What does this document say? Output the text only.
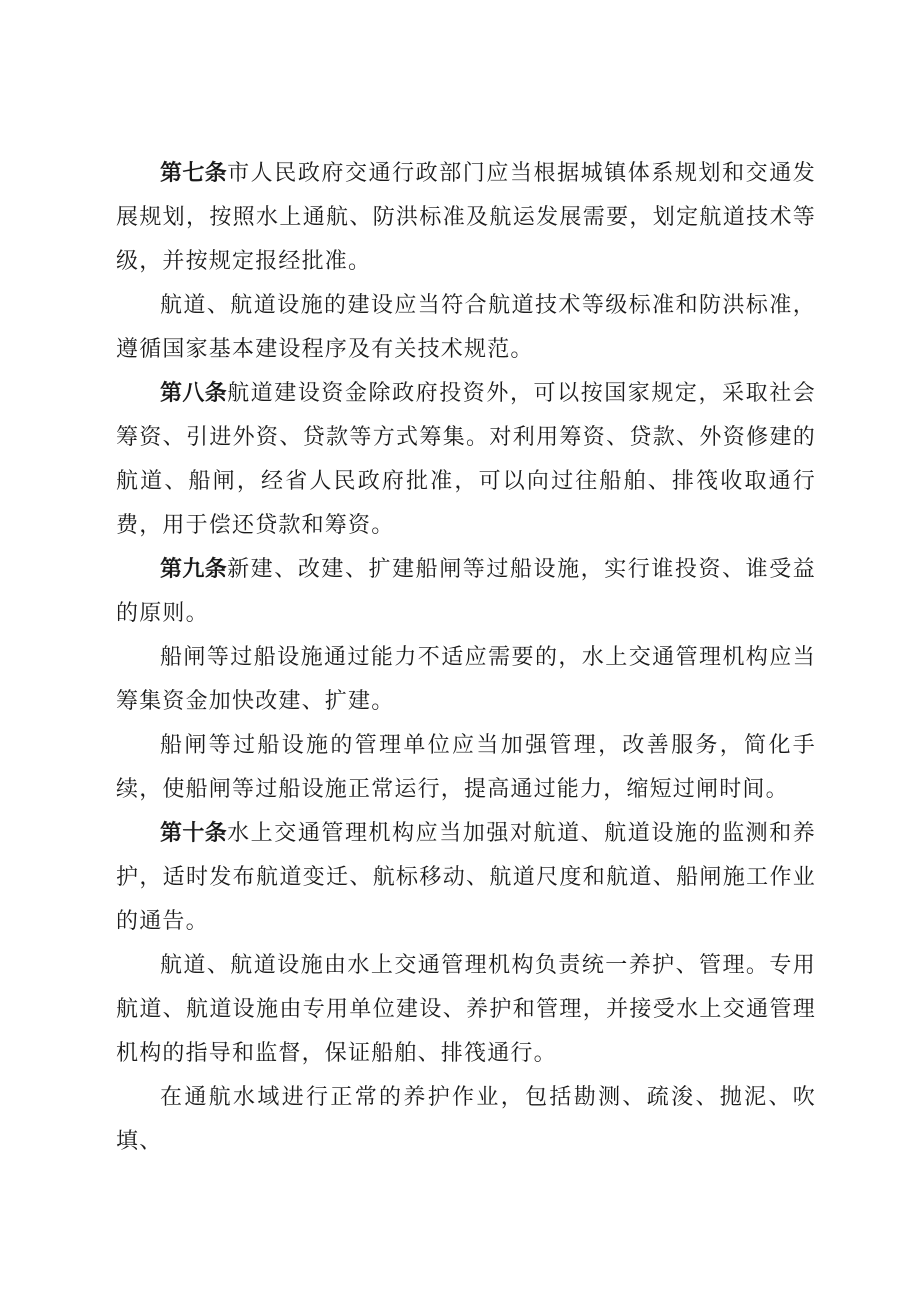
第七条市人民政府交通行政部门应当根据城镇体系规划和交通发展规划，按照水上通航、防洪标准及航运发展需要，划定航道技术等级，并按规定报经批准。

航道、航道设施的建设应当符合航道技术等级标准和防洪标准，遵循国家基本建设程序及有关技术规范。

第八条航道建设资金除政府投资外，可以按国家规定，采取社会筹资、引进外资、贷款等方式筹集。对利用筹资、贷款、外资修建的航道、船闸，经省人民政府批准，可以向过往船舶、排筏收取通行费，用于偿还贷款和筹资。

第九条新建、改建、扩建船闸等过船设施，实行谁投资、谁受益的原则。

船闸等过船设施通过能力不适应需要的，水上交通管理机构应当筹集资金加快改建、扩建。

船闸等过船设施的管理单位应当加强管理，改善服务，简化手续，使船闸等过船设施正常运行，提高通过能力，缩短过闸时间。

第十条水上交通管理机构应当加强对航道、航道设施的监测和养护，适时发布航道变迁、航标移动、航道尺度和航道、船闸施工作业的通告。

航道、航道设施由水上交通管理机构负责统一养护、管理。专用航道、航道设施由专用单位建设、养护和管理，并接受水上交通管理机构的指导和监督，保证船舶、排筏通行。

在通航水域进行正常的养护作业，包括勘测、疏浚、抛泥、吹填、
